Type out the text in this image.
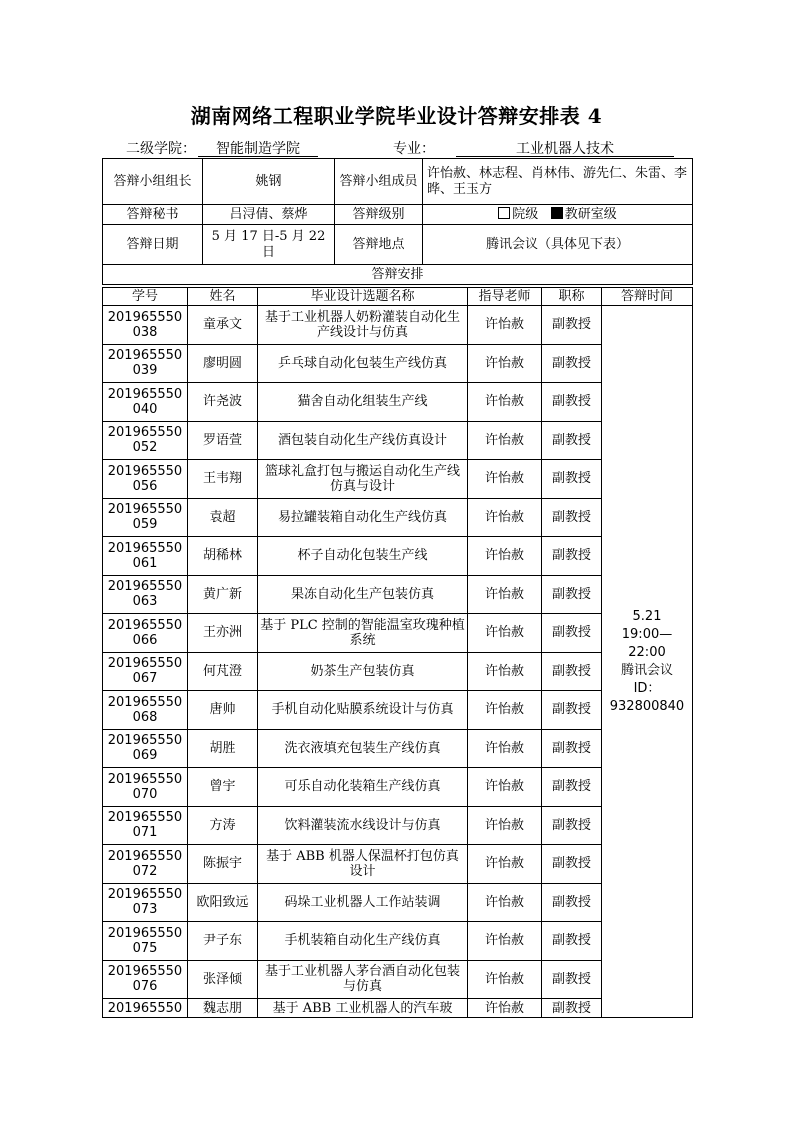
湖南网络工程职业学院毕业设计答辩安排表 4
二级学院：	智能制造学院	专业：	工业机器人技术
答辩小组组长	姚钢	答辩小组成员	许怡赦、林志程、肖林伟、游先仁、朱雷、李晔、王玉方
答辩秘书	吕浔倩、蔡烨	答辩级别	院级 教研室级
答辩日期	5 月 17 日-5 月 22 日	答辩地点	腾讯会议（具体见下表）
答辩安排			
学号	姓名	毕业设计选题名称	指导老师	职称	答辩时间
201965550
038	童承文	基于工业机器人奶粉灌装自动化生产线设计与仿真	许怡赦	副教授	5.21
19:00—22:00
腾讯会议
ID：
932800840
201965550
039	廖明圆	乒乓球自动化包装生产线仿真	许怡赦	副教授	
201965550
040	许尧波	猫舍自动化组装生产线	许怡赦	副教授	
201965550
052	罗语萱	酒包装自动化生产线仿真设计	许怡赦	副教授	
201965550
056	王韦翔	篮球礼盒打包与搬运自动化生产线仿真与设计	许怡赦	副教授	
201965550
059	袁超	易拉罐装箱自动化生产线仿真	许怡赦	副教授	
201965550
061	胡稀林	杯子自动化包装生产线	许怡赦	副教授	
201965550
063	黄广新	果冻自动化生产包装仿真	许怡赦	副教授	
201965550
066	王亦洲	基于 PLC 控制的智能温室玫瑰种植系统	许怡赦	副教授	
201965550
067	何芃澄	奶茶生产包装仿真	许怡赦	副教授	
201965550
068	唐帅	手机自动化贴膜系统设计与仿真	许怡赦	副教授	
201965550
069	胡胜	洗衣液填充包装生产线仿真	许怡赦	副教授	
201965550
070	曾宇	可乐自动化装箱生产线仿真	许怡赦	副教授	
201965550
071	方涛	饮料灌装流水线设计与仿真	许怡赦	副教授	
201965550
072	陈振宇	基于 ABB 机器人保温杯打包仿真设计	许怡赦	副教授	
201965550
073	欧阳致远	码垛工业机器人工作站装调	许怡赦	副教授	
201965550
075	尹子东	手机装箱自动化生产线仿真	许怡赦	副教授	
201965550
076	张泽倾	基于工业机器人茅台酒自动化包装与仿真	许怡赦	副教授	
201965550	魏志朋	基于 ABB 工业机器人的汽车玻	许怡赦	副教授	
